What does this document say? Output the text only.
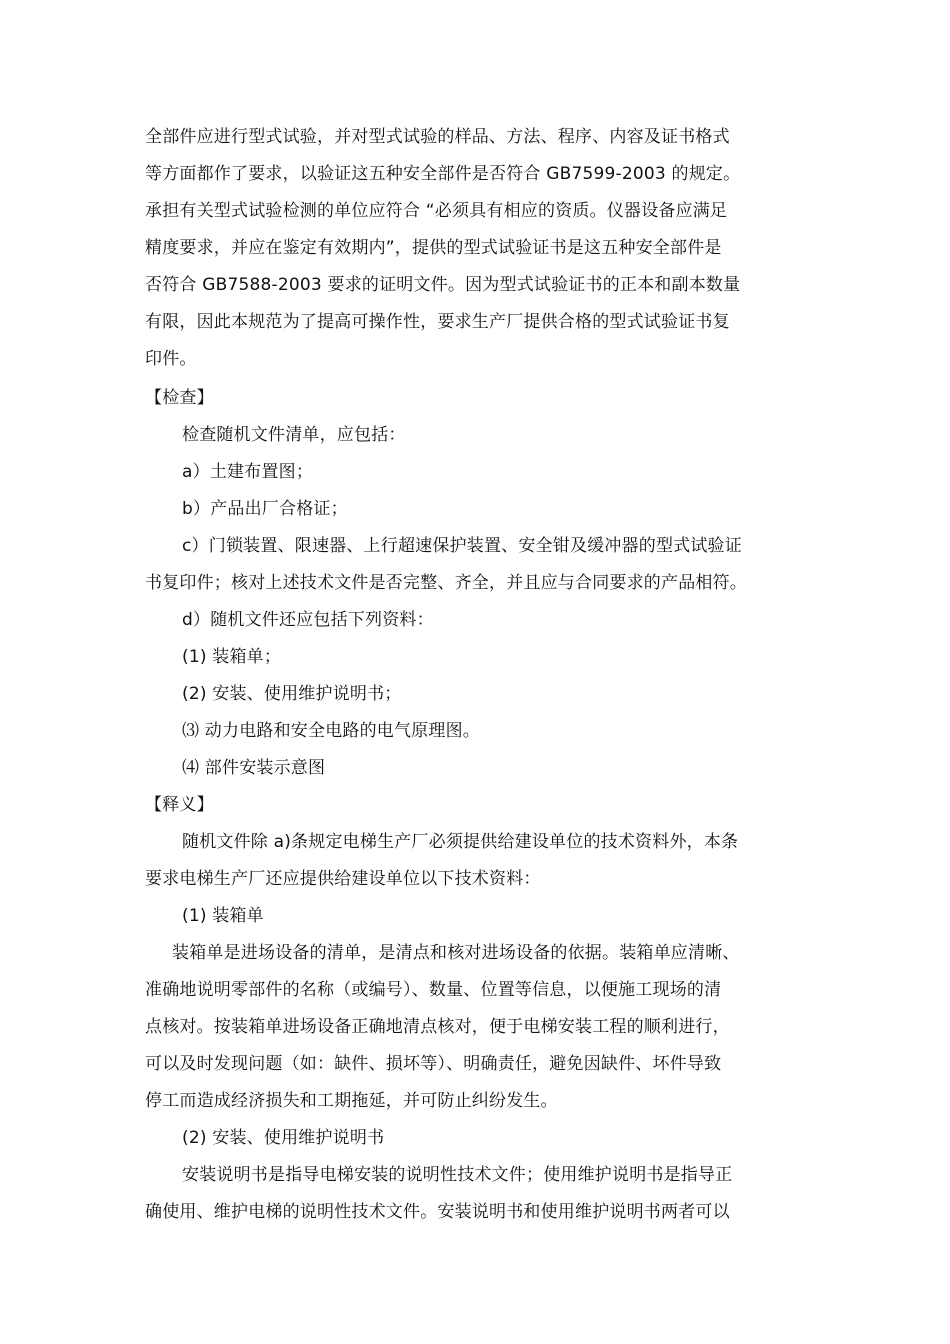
全部件应进行型式试验，并对型式试验的样品、方法、程序、内容及证书格式
等方面都作了要求，以验证这五种安全部件是否符合 GB7599-2003 的规定。
承担有关型式试验检测的单位应符合 “必须具有相应的资质。仪器设备应满足
精度要求，并应在鉴定有效期内”，提供的型式试验证书是这五种安全部件是
否符合 GB7588-2003 要求的证明文件。因为型式试验证书的正本和副本数量
有限，因此本规范为了提高可操作性，要求生产厂提供合格的型式试验证书复
印件。
【检查】
检查随机文件清单，应包括：
a）土建布置图；
b）产品出厂合格证；
c）门锁装置、限速器、上行超速保护装置、安全钳及缓冲器的型式试验证
书复印件；核对上述技术文件是否完整、齐全，并且应与合同要求的产品相符。
d）随机文件还应包括下列资料：
(1) 装箱单；
(2) 安装、使用维护说明书；
⑶ 动力电路和安全电路的电气原理图。
⑷ 部件安装示意图
【释义】
随机文件除 a)条规定电梯生产厂必须提供给建设单位的技术资料外，本条
要求电梯生产厂还应提供给建设单位以下技术资料：
(1) 装箱单
装箱单是进场设备的清单，是清点和核对进场设备的依据。装箱单应清晰、
准确地说明零部件的名称（或编号）、数量、位置等信息，以便施工现场的清
点核对。按装箱单进场设备正确地清点核对，便于电梯安装工程的顺利进行，
可以及时发现问题（如：缺件、损坏等）、明确责任，避免因缺件、坏件导致
停工而造成经济损失和工期拖延，并可防止纠纷发生。
(2) 安装、使用维护说明书
安装说明书是指导电梯安装的说明性技术文件；使用维护说明书是指导正
确使用、维护电梯的说明性技术文件。安装说明书和使用维护说明书两者可以
